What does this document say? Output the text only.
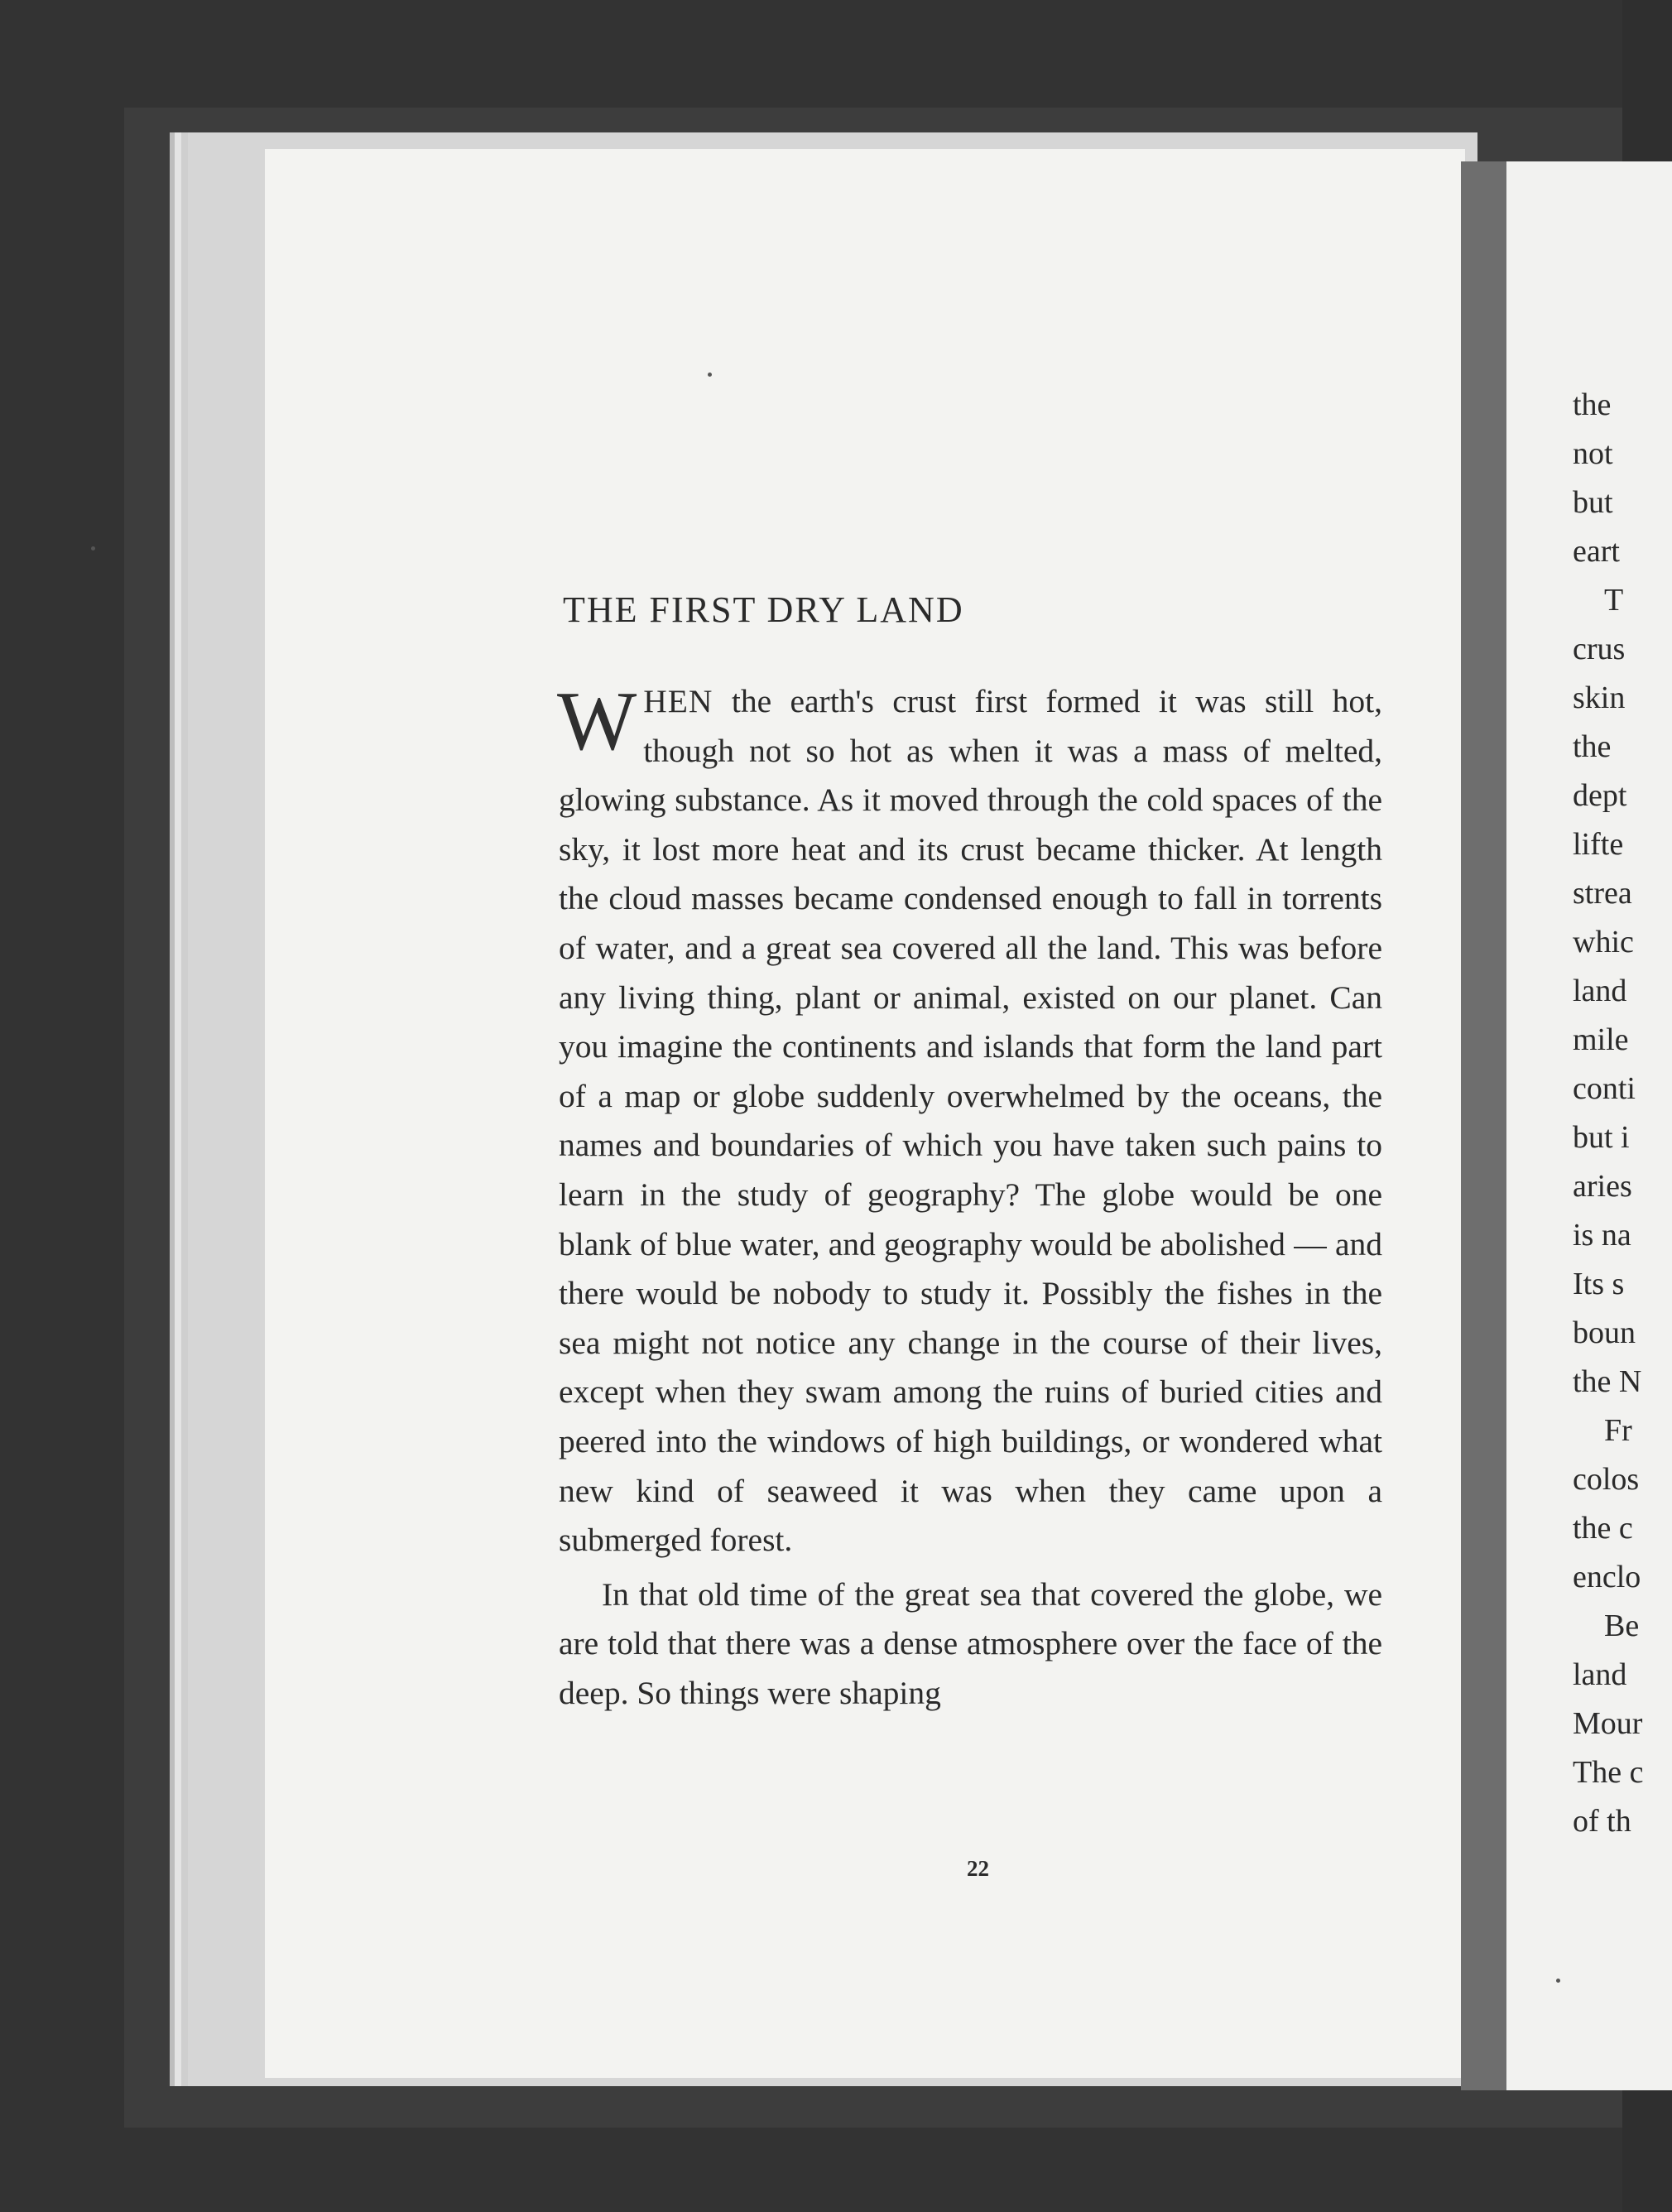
THE FIRST DRY LAND

WHEN the earth's crust first formed it was still hot, though not so hot as when it was a mass of melted, glowing substance. As it moved through the cold spaces of the sky, it lost more heat and its crust became thicker. At length the cloud masses became condensed enough to fall in torrents of water, and a great sea covered all the land. This was before any living thing, plant or animal, existed on our planet. Can you imagine the continents and islands that form the land part of a map or globe suddenly overwhelmed by the oceans, the names and boundaries of which you have taken such pains to learn in the study of geography? The globe would be one blank of blue water, and geography would be abolished — and there would be nobody to study it. Possibly the fishes in the sea might not notice any change in the course of their lives, except when they swam among the ruins of buried cities and peered into the windows of high buildings, or wondered what new kind of seaweed it was when they came upon a submerged forest.

In that old time of the great sea that covered the globe, we are told that there was a dense atmosphere over the face of the deep. So things were shaping

22

the
not
but
eart
T
crus
skin
the
dept
lifte
strea
whic
land
mile
conti
but i
aries
is na
Its s
boun
the N
Fr
colos
the c
enclo
Be
land
Mour
The c
of th
